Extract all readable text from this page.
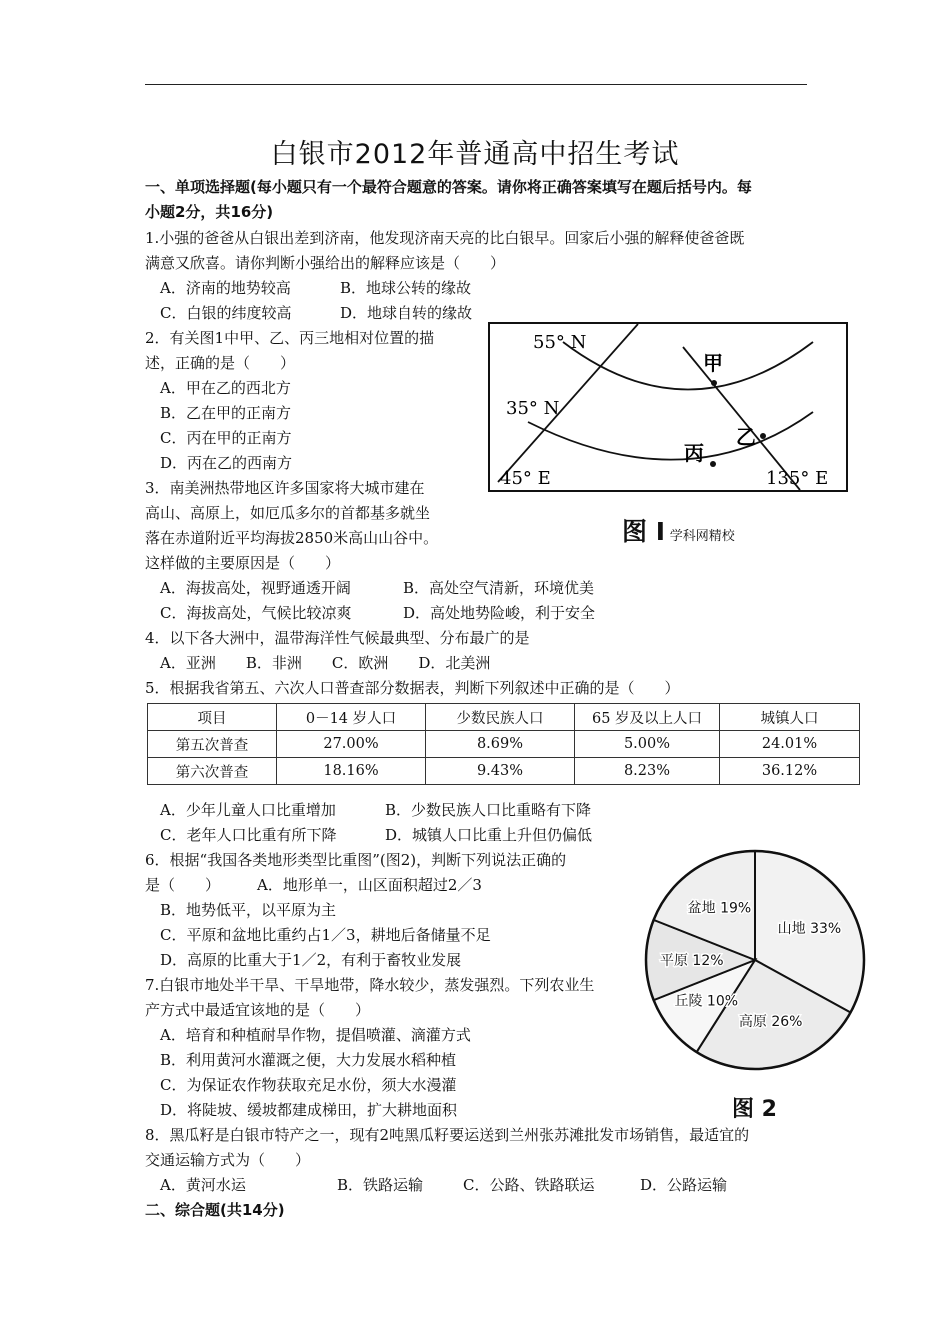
白银市2012年普通高中招生考试
一、单项选择题(每小题只有一个最符合题意的答案。请你将正确答案填写在题后括号内。每
小题2分，共16分)
1.小强的爸爸从白银出差到济南，他发现济南天亮的比白银早。回家后小强的解释使爸爸既
满意又欣喜。请你判断小强给出的解释应该是（　　）
A．济南的地势较高	B．地球公转的缘故
C．白银的纬度较高	D．地球自转的缘故
2．有关图1中甲、乙、丙三地相对位置的描
述，正确的是（　　）
A．甲在乙的西北方
B．乙在甲的正南方
C．丙在甲的正南方
D．丙在乙的西南方
55° N
35° N
45° E	135° E
甲
乙
丙
图 I 学科网精校
3．南美洲热带地区许多国家将大城市建在
高山、高原上，如厄瓜多尔的首都基多就坐
落在赤道附近平均海拔2850米高山山谷中。
这样做的主要原因是（　　）
A．海拔高处，视野通透开阔	B．高处空气清新，环境优美
C．海拔高处，气候比较凉爽	D．高处地势险峻，利于安全
4．以下各大洲中，温带海洋性气候最典型、分布最广的是
A．亚洲　　B．非洲　　C．欧洲　　D．北美洲
5．根据我省第五、六次人口普查部分数据表，判断下列叙述中正确的是（　　）
项目	0－14 岁人口	少数民族人口	65 岁及以上人口	城镇人口
第五次普查	27.00%	8.69%	5.00%	24.01%
第六次普查	18.16%	9.43%	8.23%	36.12%
A．少年儿童人口比重增加	B．少数民族人口比重略有下降
C．老年人口比重有所下降	D．城镇人口比重上升但仍偏低
6．根据“我国各类地形类型比重图”(图2)，判断下列说法正确的
是（　　） A．地形单一，山区面积超过2／3
B．地势低平，以平原为主
C．平原和盆地比重约占1／3，耕地后备储量不足
D．高原的比重大于1／2，有利于畜牧业发展
山地 33%
高原 26%
丘陵 10%
平原 12%
盆地 19%
图 2
7.白银市地处半干旱、干旱地带，降水较少，蒸发强烈。下列农业生
产方式中最适宜该地的是（　　）
A．培育和种植耐旱作物，提倡喷灌、滴灌方式
B．利用黄河水灌溉之便，大力发展水稻种植
C．为保证农作物获取充足水份，须大水漫灌
D．将陡坡、缓坡都建成梯田，扩大耕地面积
8．黑瓜籽是白银市特产之一，现有2吨黑瓜籽要运送到兰州张苏滩批发市场销售，最适宜的
交通运输方式为（　　）
A．黄河水运	B．铁路运输	C．公路、铁路联运	D．公路运输
二、综合题(共14分)
